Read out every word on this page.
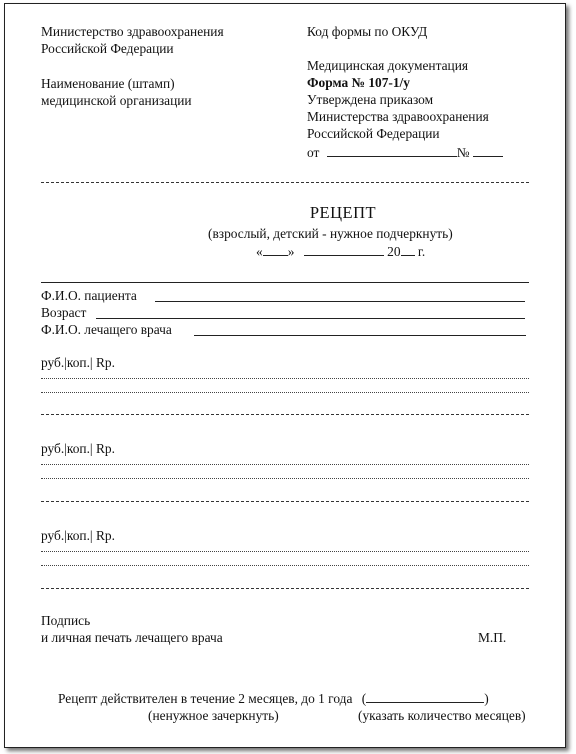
Министерство здравоохранения
Российской Федерации
Наименование (штамп)
медицинской организации
Код формы по ОКУД
Медицинская документация
Форма № 107-1/у
Утверждена приказом
Министерства здравоохранения
Российской Федерации
от	№
РЕЦЕПТ
(взрослый, детский - нужное подчеркнуть)
« »	20 г.
Ф.И.О. пациента
Возраст
Ф.И.О. лечащего врача
руб.|коп.| Rp.
руб.|коп.| Rp.
руб.|коп.| Rp.
Подпись
и личная печать лечащего врача	М.П.
Рецепт действителен в течение 2 месяцев, до 1 года (	)
(ненужное зачеркнуть)	(указать количество месяцев)
